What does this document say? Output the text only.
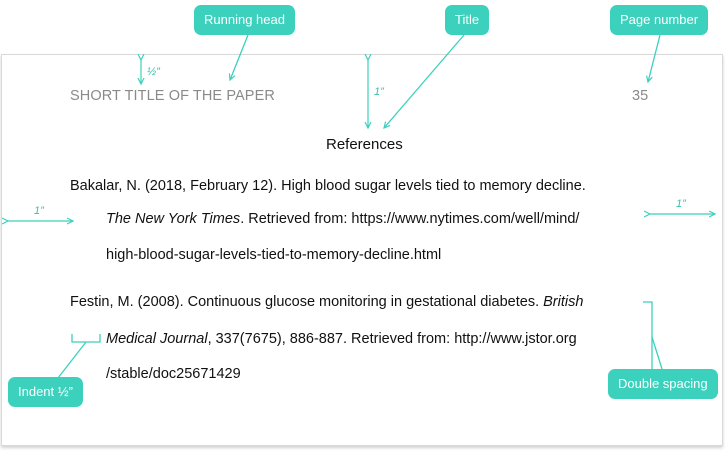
SHORT TITLE OF THE PAPER	35
References
Bakalar, N. (2018, February 12). High blood sugar levels tied to memory decline.
The New York Times. Retrieved from: https://www.nytimes.com/well/mind/
high-blood-sugar-levels-tied-to-memory-decline.html
Festin, M. (2008). Continuous glucose monitoring in gestational diabetes. British
Medical Journal, 337(7675), 886-887. Retrieved from: http://www.jstor.org
/stable/doc25671429
½”
1”
1”
1”
Running head	Title	Page number
Indent ½”
Double spacing
